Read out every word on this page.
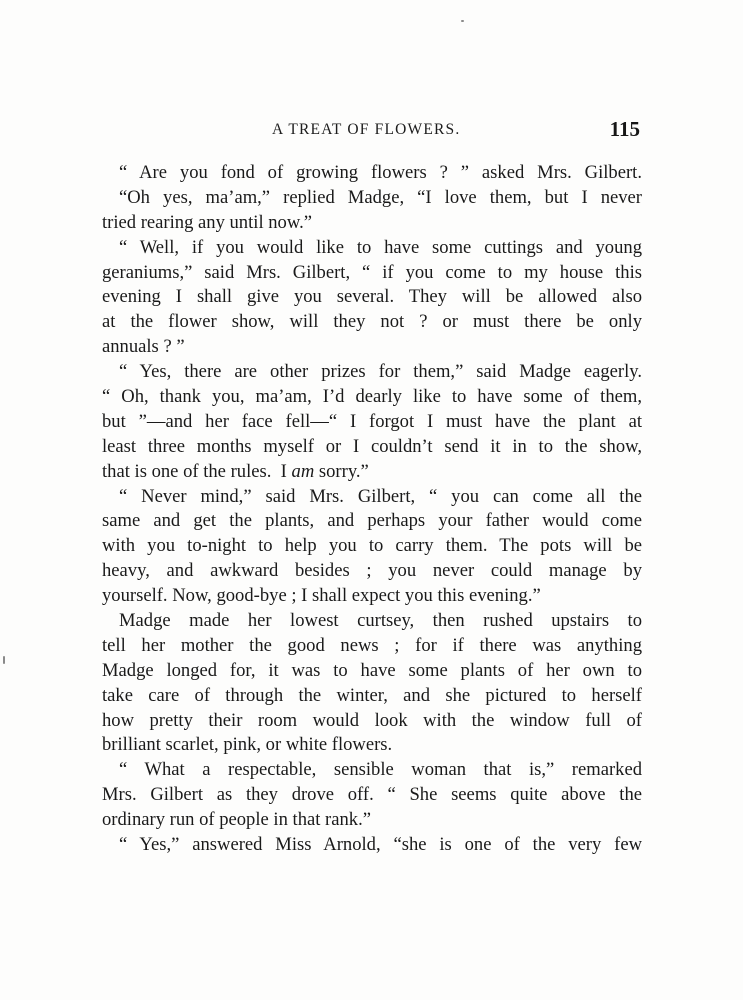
A TREAT OF FLOWERS.	115
“ Are you fond of growing flowers ? ” asked Mrs. Gilbert.
“Oh yes, ma’am,” replied Madge, “I love them, but I never
tried rearing any until now.”
“ Well, if you would like to have some cuttings and young
geraniums,” said Mrs. Gilbert, “ if you come to my house this
evening I shall give you several. They will be allowed also
at the flower show, will they not ? or must there be only
annuals ? ”
“ Yes, there are other prizes for them,” said Madge eagerly.
“ Oh, thank you, ma’am, I’d dearly like to have some of them,
but ”—and her face fell—“ I forgot I must have the plant at
least three months myself or I couldn’t send it in to the show,
that is one of the rules. I am sorry.”
“ Never mind,” said Mrs. Gilbert, “ you can come all the
same and get the plants, and perhaps your father would come
with you to-night to help you to carry them. The pots will be
heavy, and awkward besides ; you never could manage by
yourself. Now, good-bye ; I shall expect you this evening.”
Madge made her lowest curtsey, then rushed upstairs to
tell her mother the good news ; for if there was anything
Madge longed for, it was to have some plants of her own to
take care of through the winter, and she pictured to herself
how pretty their room would look with the window full of
brilliant scarlet, pink, or white flowers.
“ What a respectable, sensible woman that is,” remarked
Mrs. Gilbert as they drove off. “ She seems quite above the
ordinary run of people in that rank.”
“ Yes,” answered Miss Arnold, “she is one of the very few
